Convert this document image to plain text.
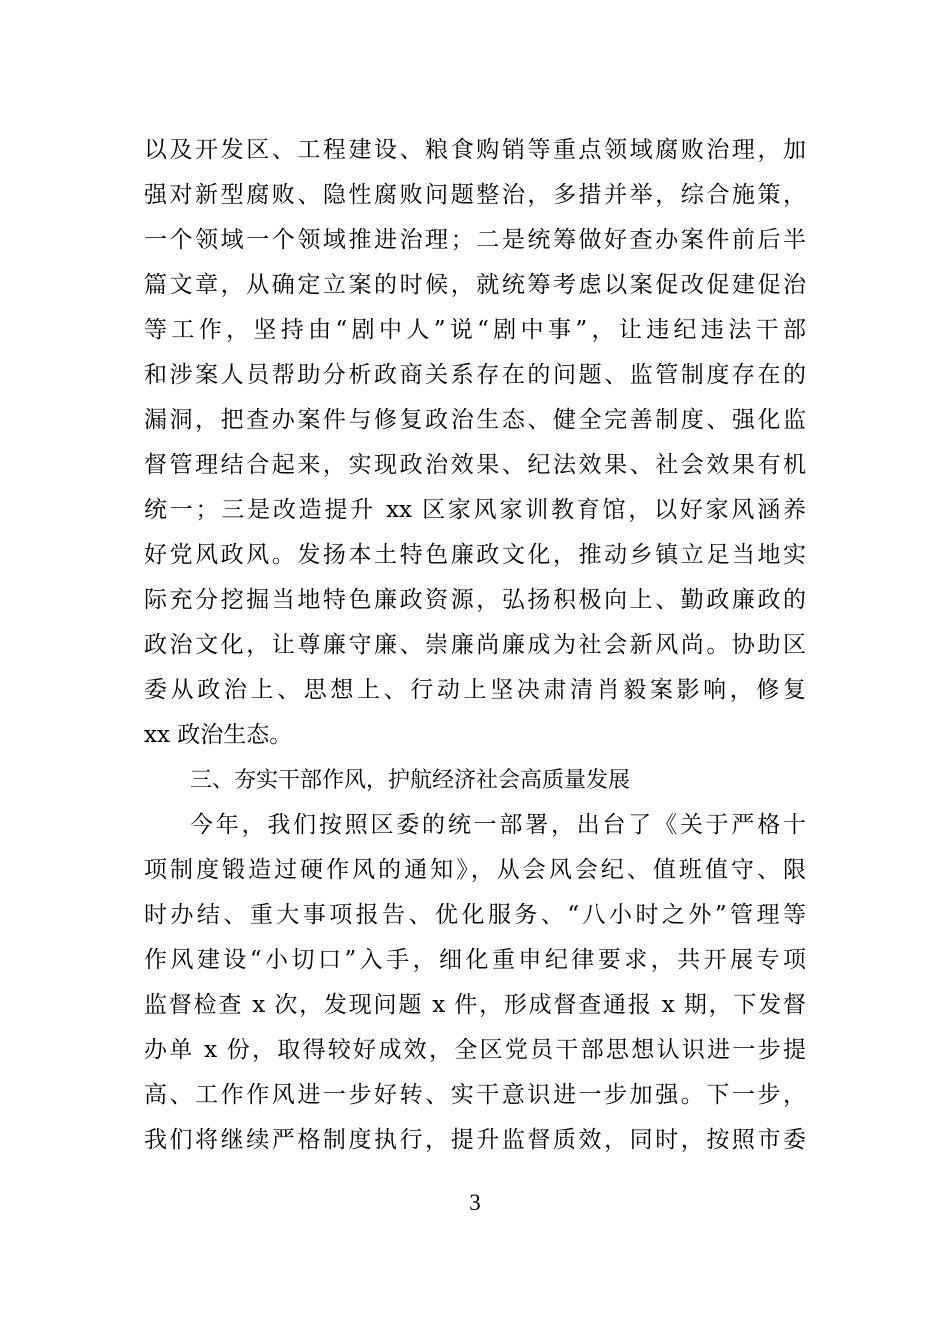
以及开发区、工程建设、粮食购销等重点领域腐败治理，加
强对新型腐败、隐性腐败问题整治，多措并举，综合施策，
一个领域一个领域推进治理；二是统筹做好查办案件前后半
篇文章，从确定立案的时候，就统筹考虑以案促改促建促治
等工作，坚持由“剧中人”说“剧中事”，让违纪违法干部
和涉案人员帮助分析政商关系存在的问题、监管制度存在的
漏洞，把查办案件与修复政治生态、健全完善制度、强化监
督管理结合起来，实现政治效果、纪法效果、社会效果有机
统一；三是改造提升 xx 区家风家训教育馆，以好家风涵养
好党风政风。发扬本土特色廉政文化，推动乡镇立足当地实
际充分挖掘当地特色廉政资源，弘扬积极向上、勤政廉政的
政治文化，让尊廉守廉、崇廉尚廉成为社会新风尚。协助区
委从政治上、思想上、行动上坚决肃清肖毅案影响，修复
xx 政治生态。
三、夯实干部作风，护航经济社会高质量发展
今年，我们按照区委的统一部署，出台了《关于严格十
项制度锻造过硬作风的通知》，从会风会纪、值班值守、限
时办结、重大事项报告、优化服务、“八小时之外”管理等
作风建设“小切口”入手，细化重申纪律要求，共开展专项
监督检查 x 次，发现问题 x 件，形成督查通报 x 期，下发督
办单 x 份，取得较好成效，全区党员干部思想认识进一步提
高、工作作风进一步好转、实干意识进一步加强。下一步，
我们将继续严格制度执行，提升监督质效，同时，按照市委
3
